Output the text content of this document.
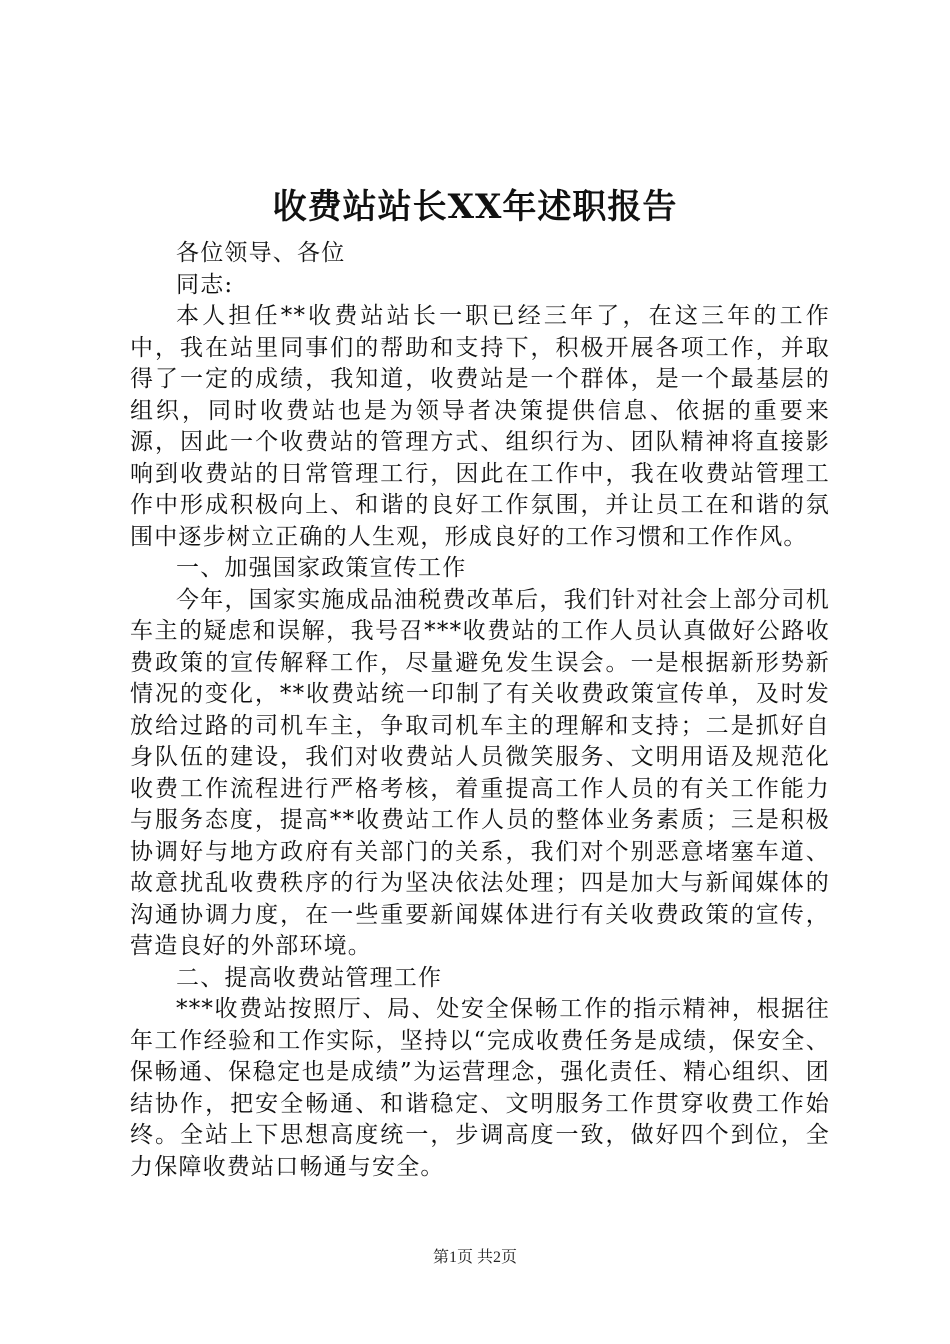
收费站站长XX年述职报告

各位领导、各位

同志:

本人担任**收费站站长一职已经三年了，在这三年的工作中，我在站里同事们的帮助和支持下，积极开展各项工作，并取得了一定的成绩，我知道，收费站是一个群体，是一个最基层的组织，同时收费站也是为领导者决策提供信息、依据的重要来源，因此一个收费站的管理方式、组织行为、团队精神将直接影响到收费站的日常管理工行，因此在工作中，我在收费站管理工作中形成积极向上、和谐的良好工作氛围，并让员工在和谐的氛围中逐步树立正确的人生观，形成良好的工作习惯和工作作风。

一、加强国家政策宣传工作

今年，国家实施成品油税费改革后，我们针对社会上部分司机车主的疑虑和误解，我号召***收费站的工作人员认真做好公路收费政策的宣传解释工作，尽量避免发生误会。一是根据新形势新情况的变化，**收费站统一印制了有关收费政策宣传单，及时发放给过路的司机车主，争取司机车主的理解和支持；二是抓好自身队伍的建设，我们对收费站人员微笑服务、文明用语及规范化收费工作流程进行严格考核，着重提高工作人员的有关工作能力与服务态度，提高**收费站工作人员的整体业务素质；三是积极协调好与地方政府有关部门的关系，我们对个别恶意堵塞车道、故意扰乱收费秩序的行为坚决依法处理；四是加大与新闻媒体的沟通协调力度，在一些重要新闻媒体进行有关收费政策的宣传，营造良好的外部环境。

二、提高收费站管理工作

***收费站按照厅、局、处安全保畅工作的指示精神，根据往年工作经验和工作实际，坚持以“完成收费任务是成绩，保安全、保畅通、保稳定也是成绩”为运营理念，强化责任、精心组织、团结协作，把安全畅通、和谐稳定、文明服务工作贯穿收费工作始终。全站上下思想高度统一，步调高度一致，做好四个到位，全力保障收费站口畅通与安全。

第1页 共2页
